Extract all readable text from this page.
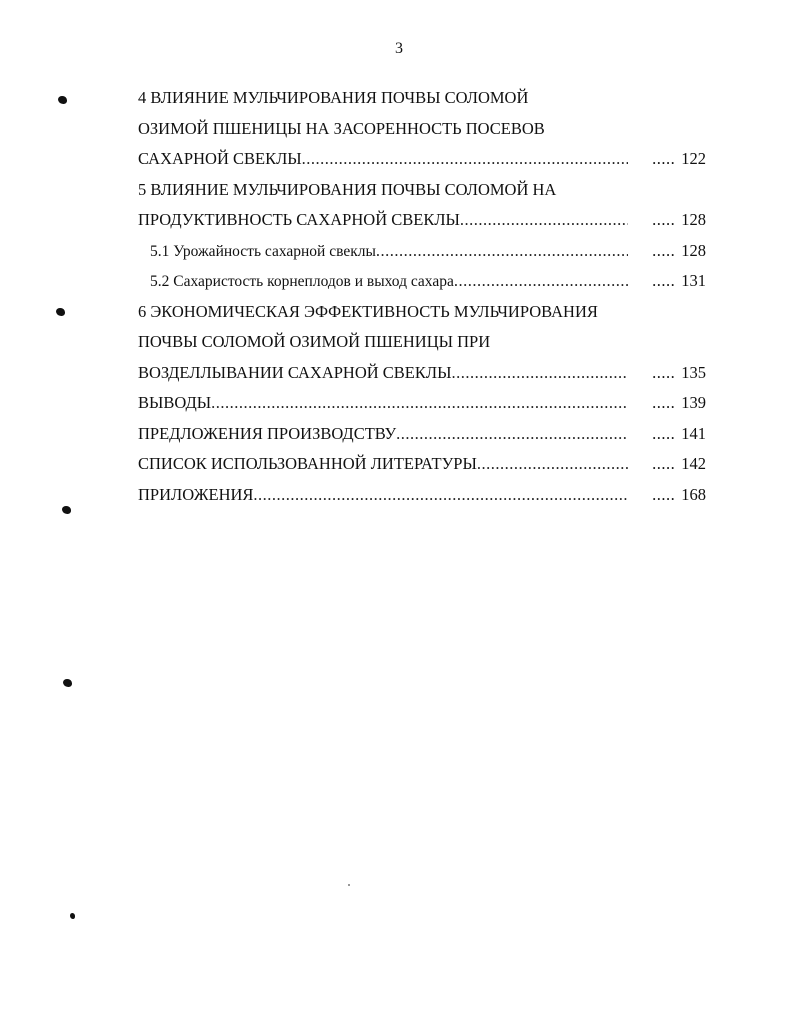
3
4 ВЛИЯНИЕ МУЛЬЧИРОВАНИЯ ПОЧВЫ СОЛОМОЙ
ОЗИМОЙ ПШЕНИЦЫ НА ЗАСОРЕННОСТЬ ПОСЕВОВ
САХАРНОЙ СВЕКЛЫ .....	..... 122
5 ВЛИЯНИЕ МУЛЬЧИРОВАНИЯ ПОЧВЫ СОЛОМОЙ НА
ПРОДУКТИВНОСТЬ САХАРНОЙ СВЕКЛЫ .....	..... 128
5.1 Урожайность сахарной свеклы .....	..... 128
5.2 Сахаристость корнеплодов и выход сахара .....	..... 131
6 ЭКОНОМИЧЕСКАЯ ЭФФЕКТИВНОСТЬ МУЛЬЧИРОВАНИЯ
ПОЧВЫ СОЛОМОЙ ОЗИМОЙ ПШЕНИЦЫ ПРИ
ВОЗДЕЛЛЫВАНИИ САХАРНОЙ СВЕКЛЫ .....	..... 135
ВЫВОДЫ .....	..... 139
ПРЕДЛОЖЕНИЯ ПРОИЗВОДСТВУ .....	..... 141
СПИСОК ИСПОЛЬЗОВАННОЙ ЛИТЕРАТУРЫ .....	..... 142
ПРИЛОЖЕНИЯ .....	..... 168
